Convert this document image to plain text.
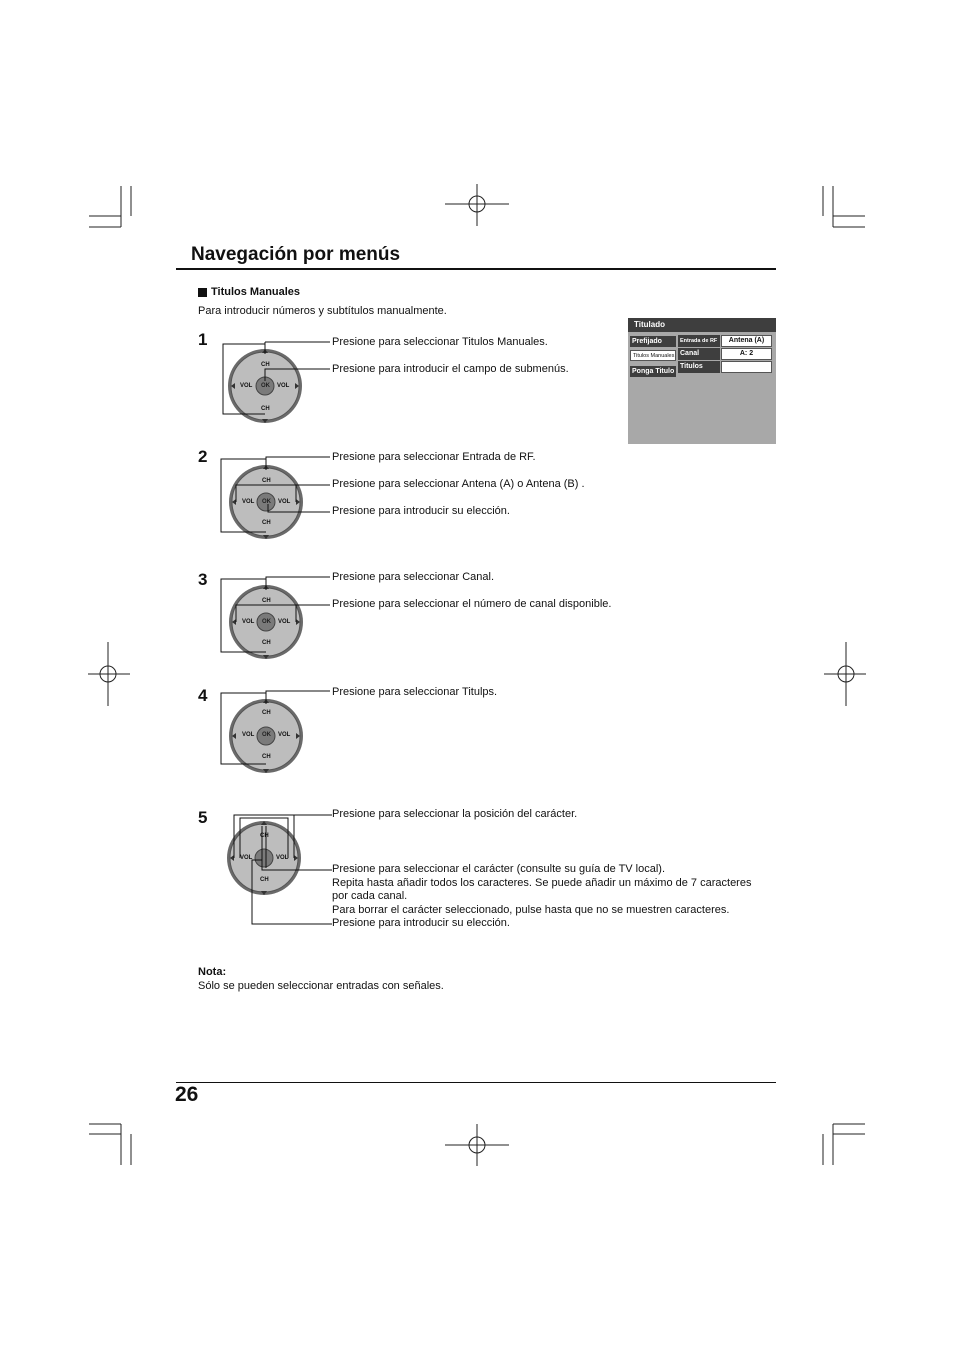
Navegación por menús
Titulos Manuales
Para introducir números y subtítulos manualmente.
1
CH
CH
VOL	VOL
OK
Presione para seleccionar Titulos Manuales.
Presione para introducir el campo de submenús.
Titulado
Prefijado
Titulos Manuales
Ponga Titulo
Entrada de RF	Antena (A)
Canal	A: 2
Titulos
2
CH
CH
VOL	VOL
OK
Presione para seleccionar Entrada de RF.
Presione para seleccionar Antena (A) o Antena (B) .
Presione para introducir su elección.
3
CH
CH
VOL	VOL
OK
Presione para seleccionar Canal.
Presione para seleccionar el número de canal disponible.
4
CH
CH
VOL	VOL
OK
Presione para seleccionar Titulps.
5
CH
CH
VOL	VOL
Presione para seleccionar la posición del carácter.
Presione para seleccionar el carácter (consulte su guía de TV local).
Repita hasta añadir todos los caracteres. Se puede añadir un máximo de 7 caracteres
por cada canal.
Para borrar el carácter seleccionado, pulse hasta que no se muestren caracteres.
Presione para introducir su elección.
Nota:
Sólo se pueden seleccionar entradas con señales.
26
